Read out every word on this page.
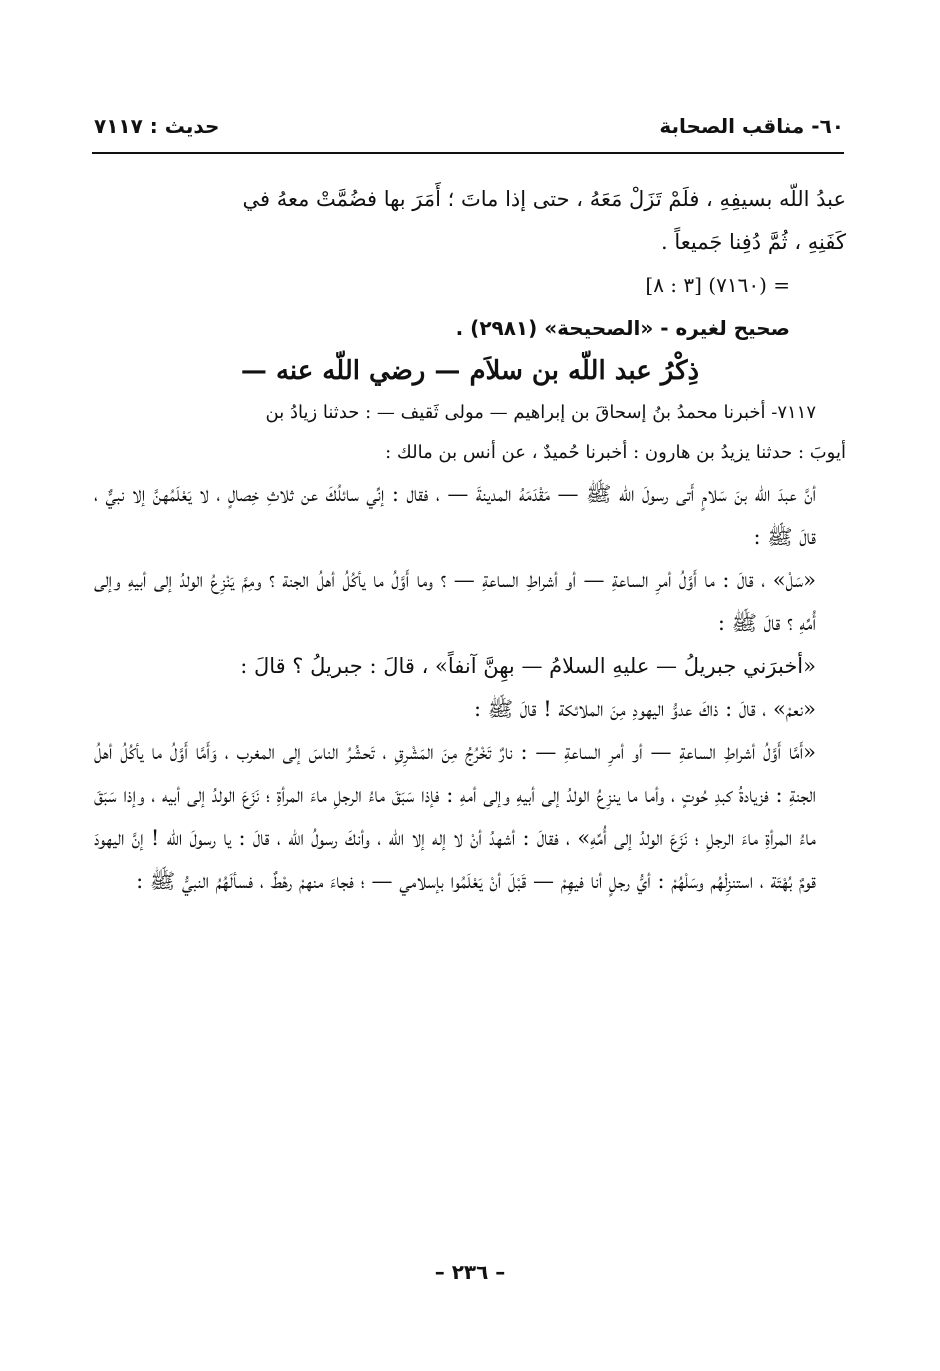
٦٠- مناقب الصحابة
حديث : ٧١١٧

عبدُ اللّه بسيفِهِ ، فلَمْ تَزَلْ مَعَهُ ، حتى إذا ماتَ ؛ أَمَرَ بها فضُمَّتْ معهُ في

كَفَنِهِ ، ثُمَّ دُفِنا جَميعاً .

= (٧١٦٠) [٣ : ٨]

صحيح لغيره - «الصحيحة» (٢٩٨١) .

ذِكْرُ عبد اللّه بن سلاَم — رضي اللّه عنه —

٧١١٧- أخبرنا محمدُ بنُ إسحاقَ بن إبراهيم — مولى ثَقيف — : حدثنا زيادُ بن

أيوبَ : حدثنا يزيدُ بن هارون : أخبرنا حُميدٌ ، عن أنس بن مالك :

أنَّ عبدَ اللّه بنَ سَلامٍ أَتى رسولَ اللّه ﷺ — مَقْدَمَهُ المدينةَ — ، فقال : إنِّي سائلُكَ عن ثلاثِ خِصالٍ ، لا يَعْلَمُهنَّ إلا نبيٌّ ، قالَ ﷺ :

«سَلْ» ، قالَ : ما أَوَّلُ أمرِ الساعةِ — أو أشراطِ الساعةِ — ؟ وما أَوَّلُ ما يأكُلُ أهلُ الجنة ؟ ومِمَّ يَنْزِعُ الولدُ إلى أبيهِ وإلى أُمِّهِ ؟ قالَ ﷺ :

«أخبرَني جبريلُ — عليهِ السلامُ — بهِنَّ آنفاً» ، قالَ : جبريلُ ؟ قالَ :

«نعمْ» ، قالَ : ذاكَ عدوُّ اليهودِ مِنَ الملائكة ! قالَ ﷺ :

«أَمَّا أَوَّلُ أشراطِ الساعةِ — أو أمرِ الساعةِ — : نارٌ تَخْرُجُ مِنَ المَشْرِقِ ، تَحشُرُ الناسَ إلى المغرب ، وَأَمَّا أَوَّلُ ما يأكُلُ أهلُ الجنةِ : فزيادةُ كبدِ حُوتٍ ، وأما ما ينزِعُ الولدُ إلى أبيهِ وإلى أمهِ : فإذا سَبَقَ ماءُ الرجلِ ماءَ المرأةِ ؛ نَزَعَ الولدُ إلى أبيه ، وإذا سَبَقَ ماءُ المرأةِ ماءَ الرجلِ ؛ نَزَعَ الولدُ إلى أُمِّهِ» ، فقالَ : أشهدُ أنْ لا إله إلا اللّه ، وأنكَ رسولُ اللّه ، قالَ : يا رسولَ اللّه ! إنَّ اليهودَ قومٌ بُهْتَة ، استنزِلْهُم وسَلْهُمْ : أيُّ رجلٍ أنا فيهِمْ — قَبْلَ أنْ يَعْلَمُوا بإسلامي — ؛ فجاءَ منهمْ رهْطٌ ، فسألَهُمُ النبيُّ ﷺ :

– ٢٣٦ –
